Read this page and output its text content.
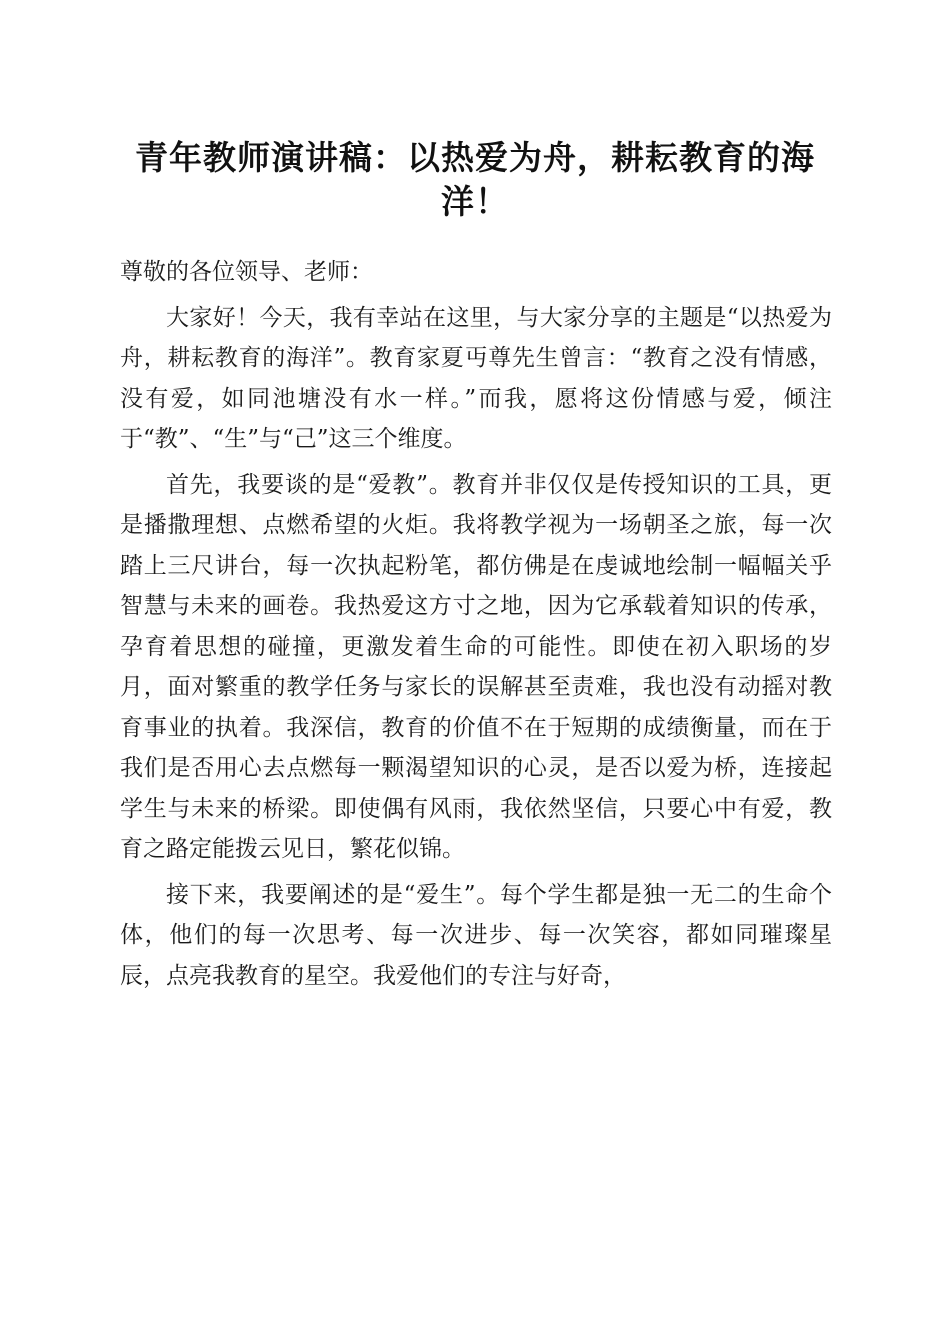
青年教师演讲稿：以热爱为舟，耕耘教育的海洋！

尊敬的各位领导、老师：

大家好！今天，我有幸站在这里，与大家分享的主题是“以热爱为舟，耕耘教育的海洋”。教育家夏丏尊先生曾言：“教育之没有情感，没有爱，如同池塘没有水一样。”而我，愿将这份情感与爱，倾注于“教”、“生”与“己”这三个维度。

首先，我要谈的是“爱教”。教育并非仅仅是传授知识的工具，更是播撒理想、点燃希望的火炬。我将教学视为一场朝圣之旅，每一次踏上三尺讲台，每一次执起粉笔，都仿佛是在虔诚地绘制一幅幅关乎智慧与未来的画卷。我热爱这方寸之地，因为它承载着知识的传承，孕育着思想的碰撞，更激发着生命的可能性。即使在初入职场的岁月，面对繁重的教学任务与家长的误解甚至责难，我也没有动摇对教育事业的执着。我深信，教育的价值不在于短期的成绩衡量，而在于我们是否用心去点燃每一颗渴望知识的心灵，是否以爱为桥，连接起学生与未来的桥梁。即使偶有风雨，我依然坚信，只要心中有爱，教育之路定能拨云见日，繁花似锦。

接下来，我要阐述的是“爱生”。每个学生都是独一无二的生命个体，他们的每一次思考、每一次进步、每一次笑容，都如同璀璨星辰，点亮我教育的星空。我爱他们的专注与好奇，
